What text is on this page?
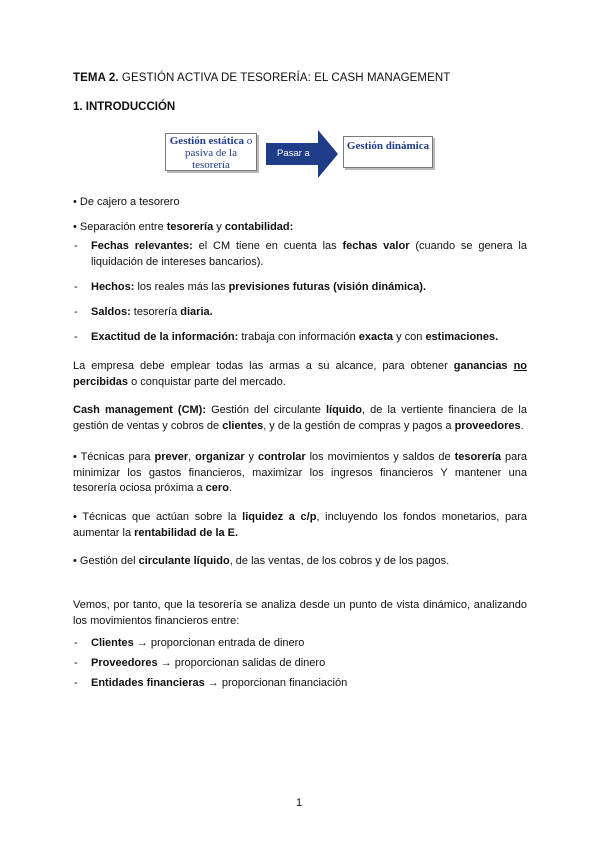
TEMA 2. GESTIÓN ACTIVA DE TESORERÍA: EL CASH MANAGEMENT
1. INTRODUCCIÓN
Gestión estática o pasiva de la tesorería
Pasar a
Gestión dinámica
• De cajero a tesorero
• Separación entre tesorería y contabilidad:
- Fechas relevantes: el CM tiene en cuenta las fechas valor (cuando se genera la liquidación de intereses bancarios).
- Hechos: los reales más las previsiones futuras (visión dinámica).
- Saldos: tesorería diaria.
- Exactitud de la información: trabaja con información exacta y con estimaciones.
La empresa debe emplear todas las armas a su alcance, para obtener ganancias no percibidas o conquistar parte del mercado.
Cash management (CM): Gestión del circulante líquido, de la vertiente financiera de la gestión de ventas y cobros de clientes, y de la gestión de compras y pagos a proveedores.
• Técnicas para prever, organizar y controlar los movimientos y saldos de tesorería para minimizar los gastos financieros, maximizar los ingresos financieros Y mantener una tesorería ociosa próxima a cero.
• Técnicas que actúan sobre la liquidez a c/p, incluyendo los fondos monetarios, para aumentar la rentabilidad de la E.
• Gestión del circulante líquido, de las ventas, de los cobros y de los pagos.
Vemos, por tanto, que la tesorería se analiza desde un punto de vista dinámico, analizando los movimientos financieros entre:
- Clientes → proporcionan entrada de dinero
- Proveedores → proporcionan salidas de dinero
- Entidades financieras → proporcionan financiación
1
